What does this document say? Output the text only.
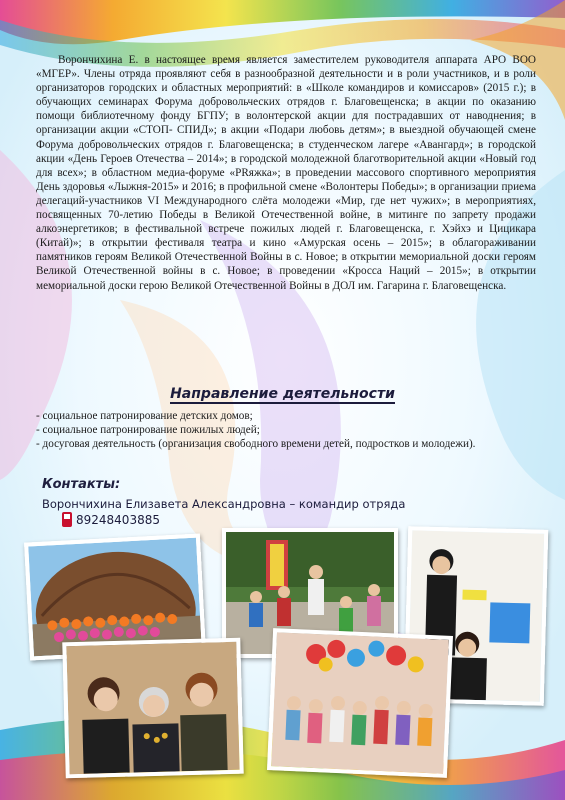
Ворончихина Е. в настоящее время является заместителем руководителя аппарата АРО ВОО «МГЕР». Члены отряда проявляют себя в разнообразной деятельности и в роли участников, и в роли организаторов городских и областных мероприятий: в «Школе командиров и комиссаров» (2015 г.); в обучающих семинарах Форума добровольческих отрядов г. Благовещенска; в акции по оказанию помощи библиотечному фонду БГПУ; в волонтерской акции для пострадавших от наводнения; в организации акции «СТОП- СПИД»; в акции «Подари любовь детям»; в выездной обучающей смене Форума добровольческих отрядов г. Благовещенска; в студенческом лагере «Авангард»; в городской акции «День Героев Отечества – 2014»; в городской молодежной благотворительной акции «Новый год для всех»; в областном медиа-форуме «PRяжка»; в проведении массового спортивного мероприятия День здоровья «Лыжня-2015» и 2016; в профильной смене «Волонтеры Победы»; в организации приема делегаций-участников VI Международного слёта молодежи «Мир, где нет чужих»; в мероприятиях, посвященных 70-летию Победы в Великой Отечественной войне, в митинге по запрету продажи алкоэнергетиков; в фестивальной встрече пожилых людей г. Благовещенска, г. Хэйхэ и Цицикара (Китай)»; в открытии фестиваля театра и кино «Амурская осень – 2015»; в облагораживании памятников героям Великой Отечественной Войны в с. Новое; в открытии мемориальной доски героям Великой Отечественной войны в с. Новое; в проведении «Кросса Наций – 2015»; в открытии мемориальной доски герою Великой Отечественной Войны в ДОЛ им. Гагарина г. Благовещенска.

Направление деятельности
- социальное патронирование детских домов;
- социальное патронирование пожилых людей;
- досуговая деятельность (организация свободного времени детей, подростков и молодежи).
Контакты:
Ворончихина Елизавета Александровна – командир отряда
89248403885
